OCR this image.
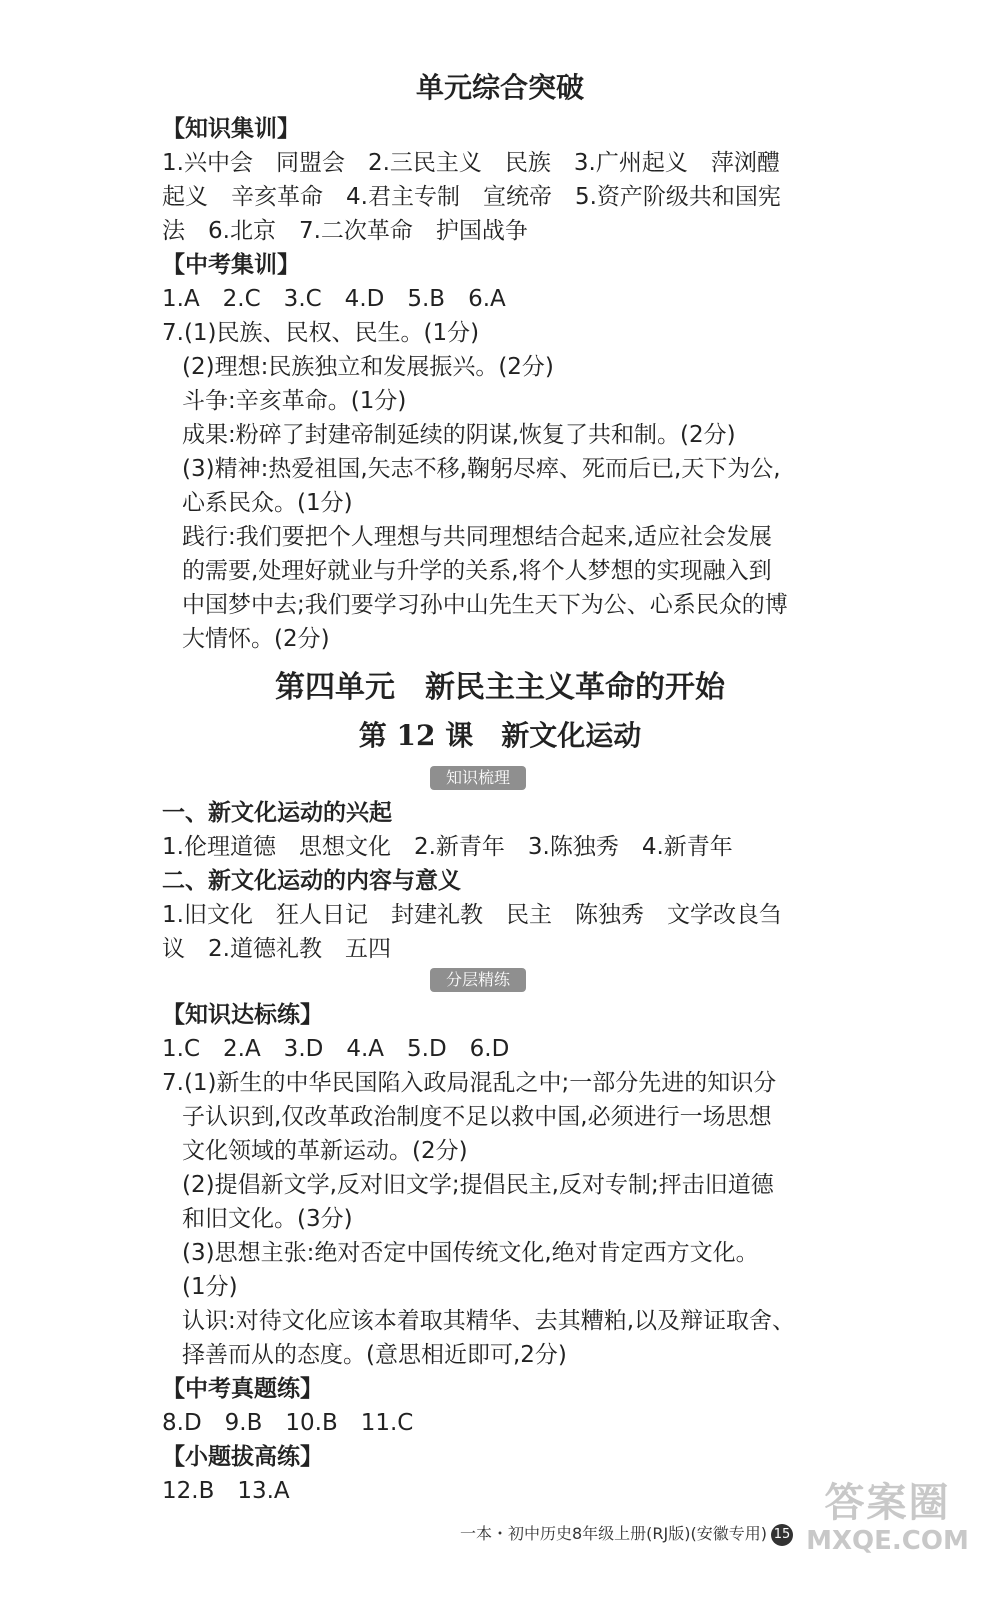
单元综合突破
【知识集训】
1.兴中会　同盟会　2.三民主义　民族　3.广州起义　萍浏醴
起义　辛亥革命　4.君主专制　宣统帝　5.资产阶级共和国宪
法　6.北京　7.二次革命　护国战争
【中考集训】
1.A　2.C　3.C　4.D　5.B　6.A
7.(1)民族、民权、民生。(1分)
(2)理想:民族独立和发展振兴。(2分)
斗争:辛亥革命。(1分)
成果:粉碎了封建帝制延续的阴谋,恢复了共和制。(2分)
(3)精神:热爱祖国,矢志不移,鞠躬尽瘁、死而后已,天下为公,
心系民众。(1分)
践行:我们要把个人理想与共同理想结合起来,适应社会发展
的需要,处理好就业与升学的关系,将个人梦想的实现融入到
中国梦中去;我们要学习孙中山先生天下为公、心系民众的博
大情怀。(2分)
第四单元　新民主主义革命的开始
第 12 课　新文化运动
知识梳理
一、新文化运动的兴起
1.伦理道德　思想文化　2.新青年　3.陈独秀　4.新青年
二、新文化运动的内容与意义
1.旧文化　狂人日记　封建礼教　民主　陈独秀　文学改良刍
议　2.道德礼教　五四
分层精练
【知识达标练】
1.C　2.A　3.D　4.A　5.D　6.D
7.(1)新生的中华民国陷入政局混乱之中;一部分先进的知识分
子认识到,仅改革政治制度不足以救中国,必须进行一场思想
文化领域的革新运动。(2分)
(2)提倡新文学,反对旧文学;提倡民主,反对专制;抨击旧道德
和旧文化。(3分)
(3)思想主张:绝对否定中国传统文化,绝对肯定西方文化。
(1分)
认识:对待文化应该本着取其精华、去其糟粕,以及辩证取舍、
择善而从的态度。(意思相近即可,2分)
【中考真题练】
8.D　9.B　10.B　11.C
【小题拔高练】
12.B　13.A
一本・初中历史8年级上册(RJ版)(安徽专用) 15
答案圈
MXQE.COM
